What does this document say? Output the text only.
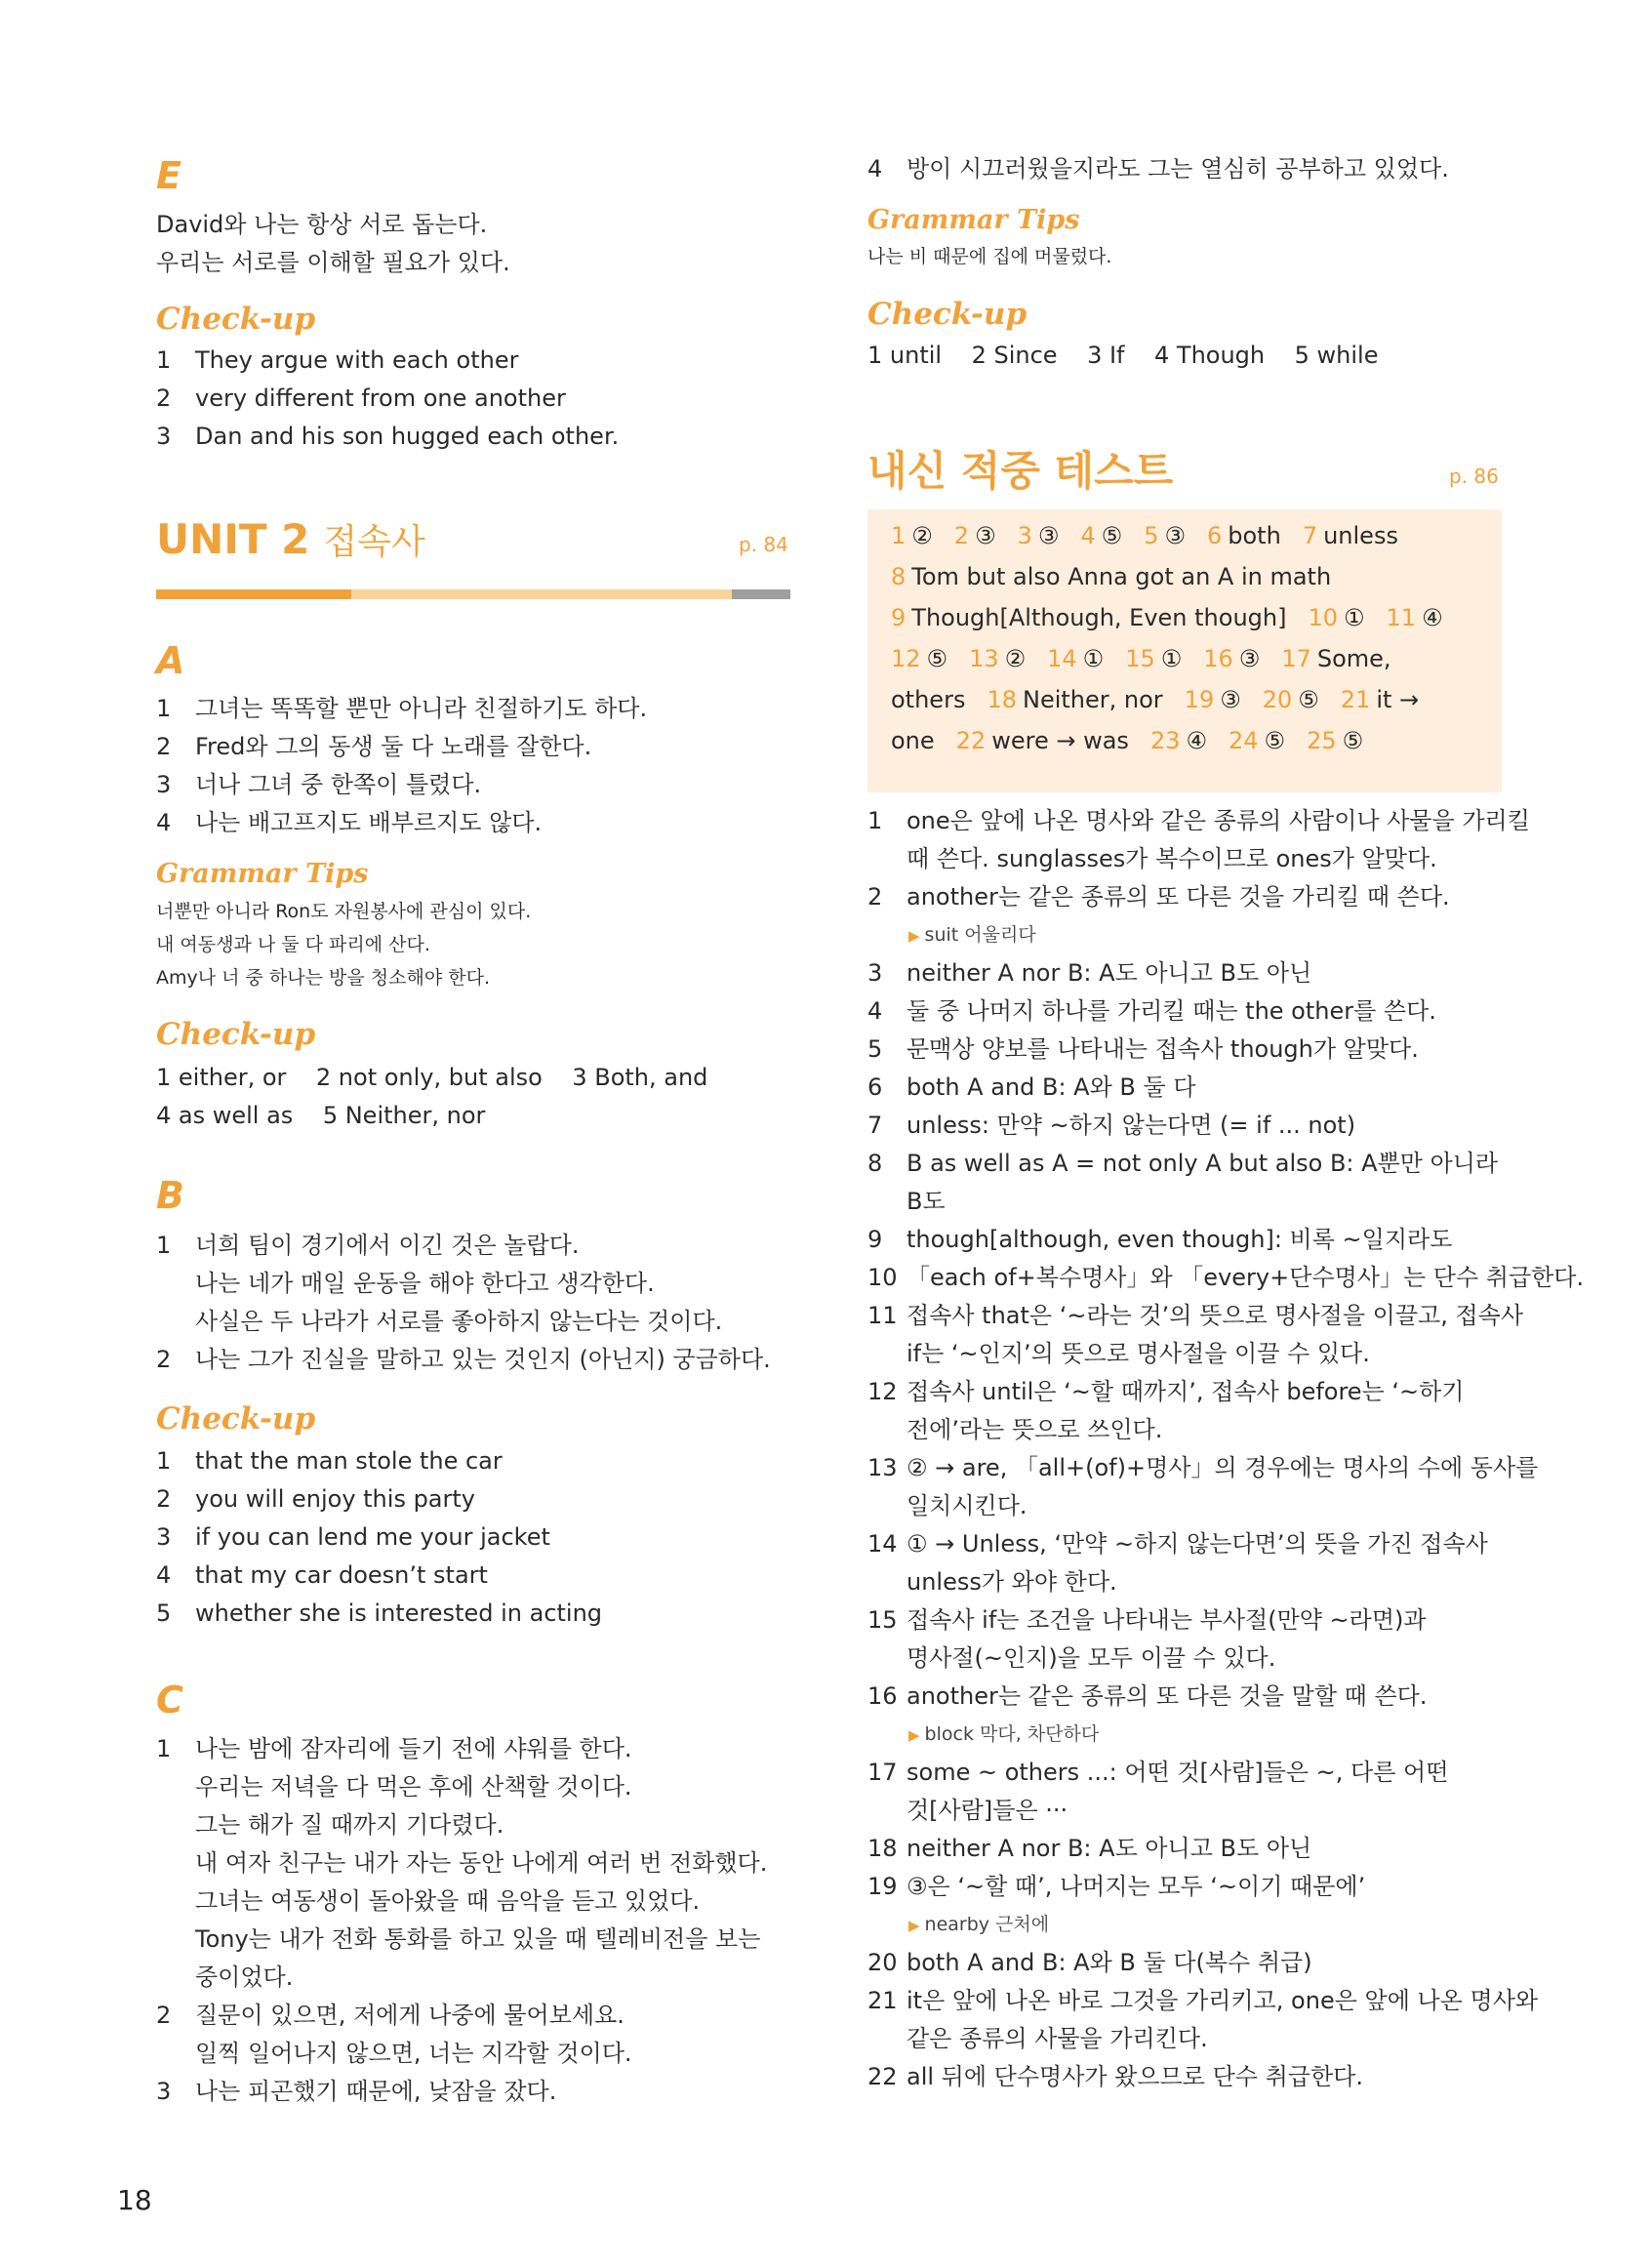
E
David와 나는 항상 서로 돕는다.
우리는 서로를 이해할 필요가 있다.
Check-up
1 They argue with each other
2 very different from one another
3 Dan and his son hugged each other.
UNIT 2 접속사	p. 84
A
1 그녀는 똑똑할 뿐만 아니라 친절하기도 하다.
2 Fred와 그의 동생 둘 다 노래를 잘한다.
3 너나 그녀 중 한쪽이 틀렸다.
4 나는 배고프지도 배부르지도 않다.
Grammar Tips
너뿐만 아니라 Ron도 자원봉사에 관심이 있다.
내 여동생과 나 둘 다 파리에 산다.
Amy나 너 중 하나는 방을 청소해야 한다.
Check-up
1 either, or    2 not only, but also    3 Both, and
4 as well as    5 Neither, nor
B
1 너희 팀이 경기에서 이긴 것은 놀랍다.
나는 네가 매일 운동을 해야 한다고 생각한다.
사실은 두 나라가 서로를 좋아하지 않는다는 것이다.
2 나는 그가 진실을 말하고 있는 것인지 (아닌지) 궁금하다.
Check-up
1 that the man stole the car
2 you will enjoy this party
3 if you can lend me your jacket
4 that my car doesn’t start
5 whether she is interested in acting
C
1 나는 밤에 잠자리에 들기 전에 샤워를 한다.
우리는 저녁을 다 먹은 후에 산책할 것이다.
그는 해가 질 때까지 기다렸다.
내 여자 친구는 내가 자는 동안 나에게 여러 번 전화했다.
그녀는 여동생이 돌아왔을 때 음악을 듣고 있었다.
Tony는 내가 전화 통화를 하고 있을 때 텔레비전을 보는
중이었다.
2 질문이 있으면, 저에게 나중에 물어보세요.
일찍 일어나지 않으면, 너는 지각할 것이다.
3 나는 피곤했기 때문에, 낮잠을 잤다.
4 방이 시끄러웠을지라도 그는 열심히 공부하고 있었다.
Grammar Tips
나는 비 때문에 집에 머물렀다.
Check-up
1 until    2 Since    3 If    4 Though    5 while
내신 적중 테스트	p. 86
1 ② 2 ③ 3 ③ 4 ⑤ 5 ③ 6 both 7 unless
8 Tom but also Anna got an A in math
9 Though[Although, Even though] 10 ① 11 ④
12 ⑤ 13 ② 14 ① 15 ① 16 ③ 17 Some,
others 18 Neither, nor 19 ③ 20 ⑤ 21 it →
one 22 were → was 23 ④ 24 ⑤ 25 ⑤
1 one은 앞에 나온 명사와 같은 종류의 사람이나 사물을 가리킬
때 쓴다. sunglasses가 복수이므로 ones가 알맞다.
2 another는 같은 종류의 또 다른 것을 가리킬 때 쓴다.
▶ suit 어울리다
3 neither A nor B: A도 아니고 B도 아닌
4 둘 중 나머지 하나를 가리킬 때는 the other를 쓴다.
5 문맥상 양보를 나타내는 접속사 though가 알맞다.
6 both A and B: A와 B 둘 다
7 unless: 만약 ~하지 않는다면 (= if ... not)
8 B as well as A = not only A but also B: A뿐만 아니라
B도
9 though[although, even though]: 비록 ~일지라도
10 「each of+복수명사」와 「every+단수명사」는 단수 취급한다.
11 접속사 that은 ‘~라는 것’의 뜻으로 명사절을 이끌고, 접속사
if는 ‘~인지’의 뜻으로 명사절을 이끌 수 있다.
12 접속사 until은 ‘~할 때까지’, 접속사 before는 ‘~하기
전에’라는 뜻으로 쓰인다.
13 ② → are, 「all+(of)+명사」의 경우에는 명사의 수에 동사를
일치시킨다.
14 ① → Unless, ‘만약 ~하지 않는다면’의 뜻을 가진 접속사
unless가 와야 한다.
15 접속사 if는 조건을 나타내는 부사절(만약 ~라면)과
명사절(~인지)을 모두 이끌 수 있다.
16 another는 같은 종류의 또 다른 것을 말할 때 쓴다.
▶ block 막다, 차단하다
17 some ~ others ...: 어떤 것[사람]들은 ~, 다른 어떤
것[사람]들은 ···
18 neither A nor B: A도 아니고 B도 아닌
19 ③은 ‘~할 때’, 나머지는 모두 ‘~이기 때문에’
▶ nearby 근처에
20 both A and B: A와 B 둘 다(복수 취급)
21 it은 앞에 나온 바로 그것을 가리키고, one은 앞에 나온 명사와
같은 종류의 사물을 가리킨다.
22 all 뒤에 단수명사가 왔으므로 단수 취급한다.
18
